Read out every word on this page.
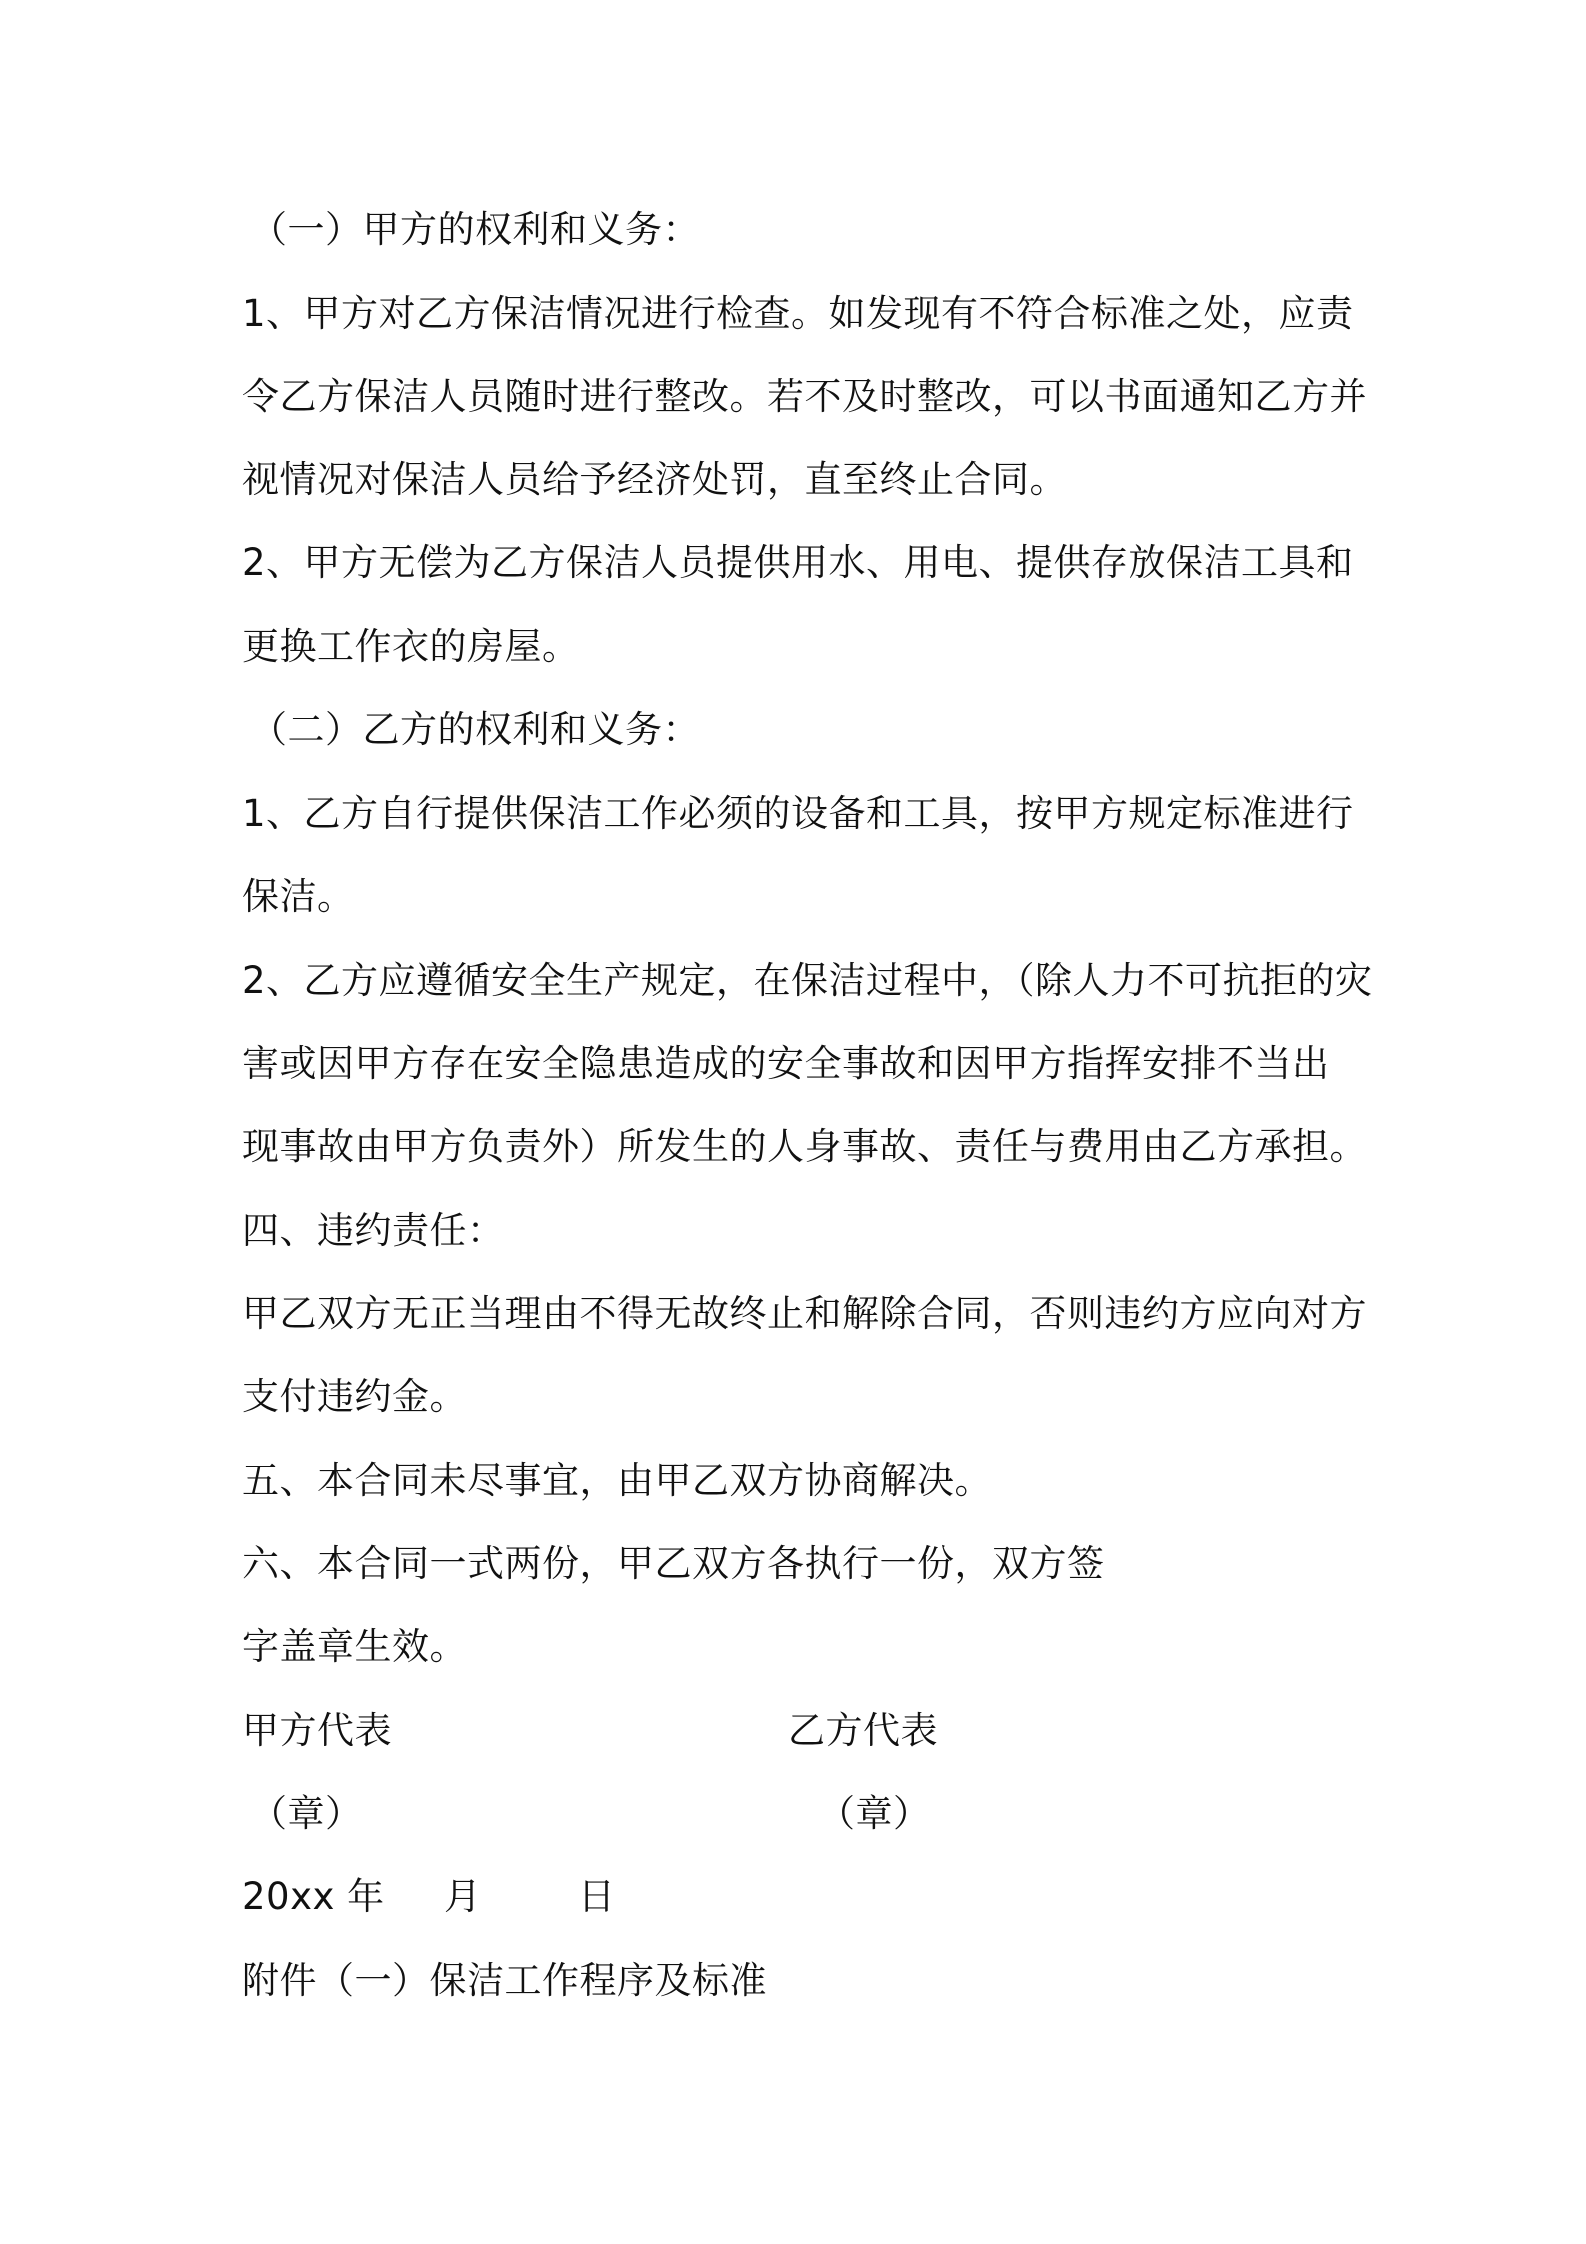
（一）甲方的权利和义务：
1、甲方对乙方保洁情况进行检查。如发现有不符合标准之处，应责
令乙方保洁人员随时进行整改。若不及时整改，可以书面通知乙方并
视情况对保洁人员给予经济处罚，直至终止合同。
2、甲方无偿为乙方保洁人员提供用水、用电、提供存放保洁工具和
更换工作衣的房屋。
（二）乙方的权利和义务：
1、乙方自行提供保洁工作必须的设备和工具，按甲方规定标准进行
保洁。
2、乙方应遵循安全生产规定，在保洁过程中，（除人力不可抗拒的灾
害或因甲方存在安全隐患造成的安全事故和因甲方指挥安排不当出
现事故由甲方负责外）所发生的人身事故、责任与费用由乙方承担。
四、违约责任：
甲乙双方无正当理由不得无故终止和解除合同，否则违约方应向对方
支付违约金。
五、本合同未尽事宜，由甲乙双方协商解决。
六、本合同一式两份，甲乙双方各执行一份，双方签
字盖章生效。
甲方代表	乙方代表
（章）	（章）
20xx 年	月	日
附件（一）保洁工作程序及标准
